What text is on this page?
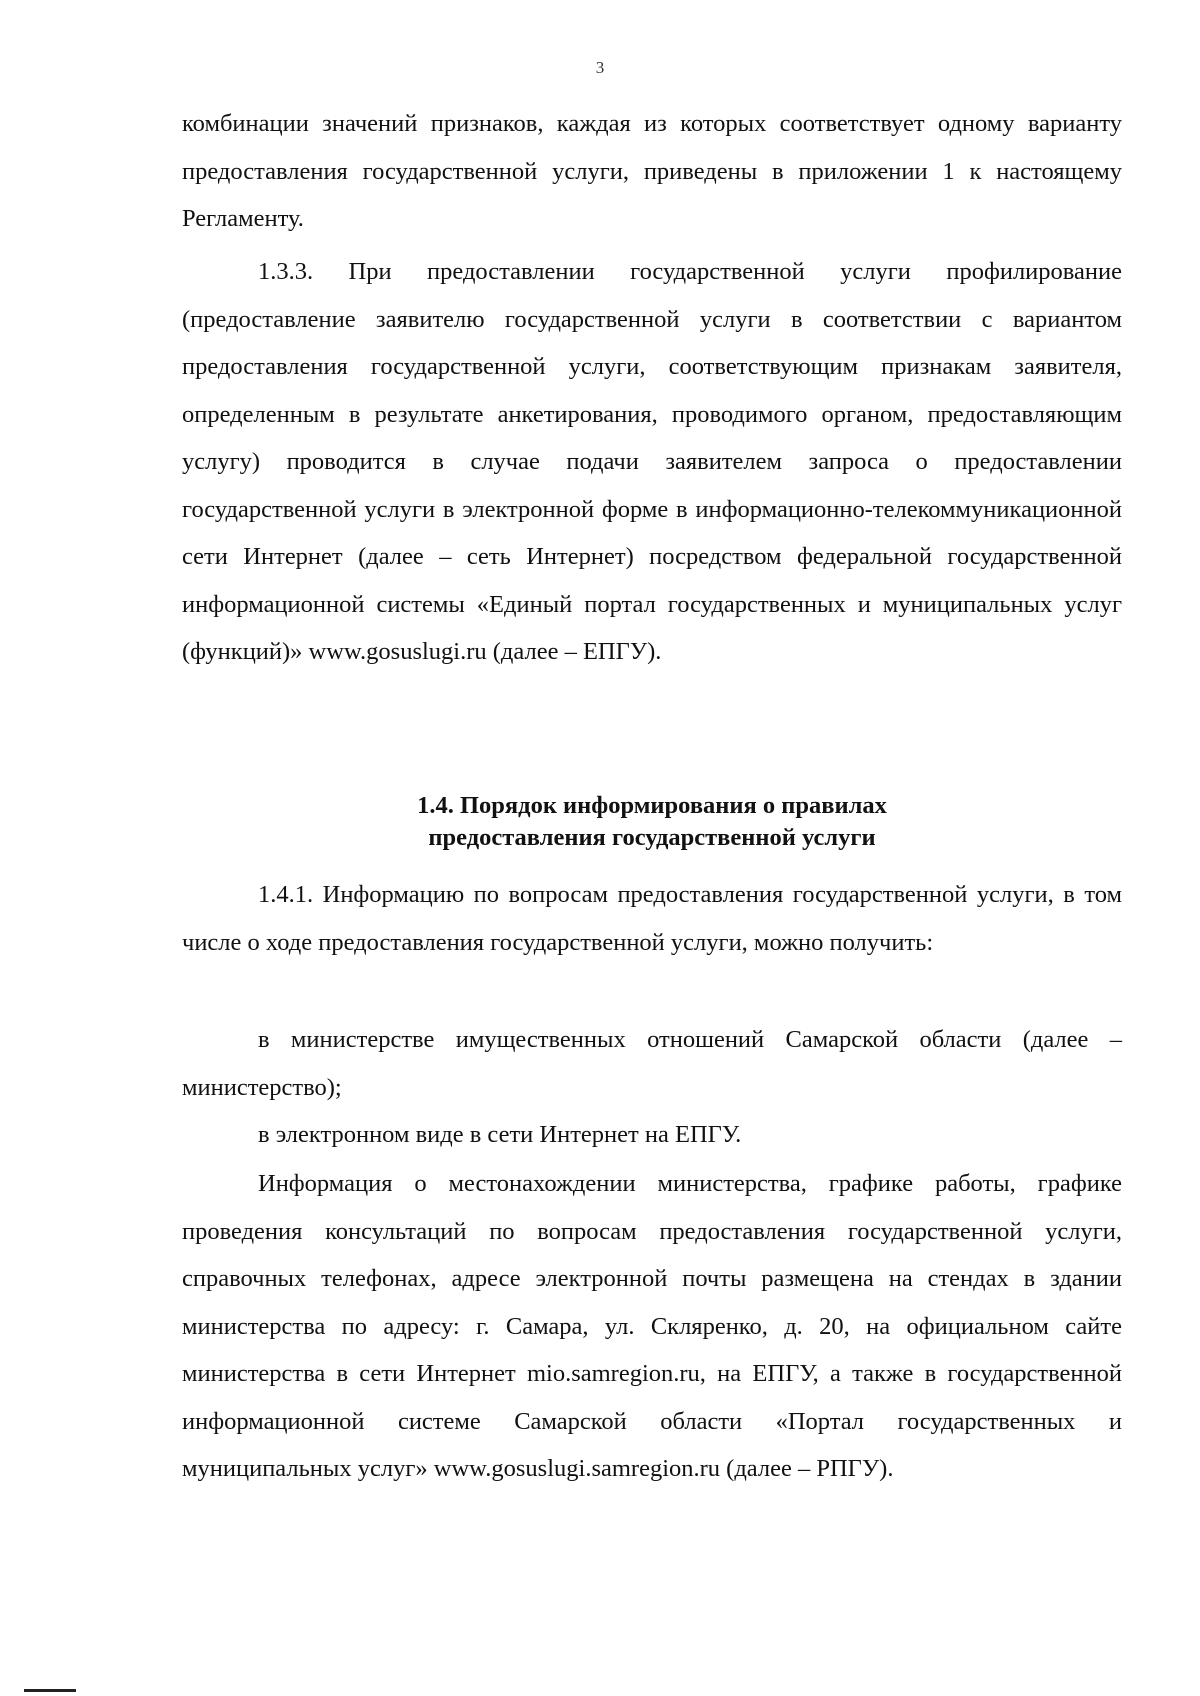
3

комбинации значений признаков, каждая из которых соответствует одному варианту предоставления государственной услуги, приведены в приложении 1 к настоящему Регламенту.

1.3.3. При предоставлении государственной услуги профилирование (предоставление заявителю государственной услуги в соответствии с вариантом предоставления государственной услуги, соответствующим признакам заявителя, определенным в результате анкетирования, проводимого органом, предоставляющим услугу) проводится в случае подачи заявителем запроса о предоставлении государственной услуги в электронной форме в информационно-телекоммуникационной сети Интернет (далее – сеть Интернет) посредством федеральной государственной информационной системы «Единый портал государственных и муниципальных услуг (функций)» www.gosuslugi.ru (далее – ЕПГУ).

1.4. Порядок информирования о правилах
предоставления государственной услуги

1.4.1. Информацию по вопросам предоставления государственной услуги, в том числе о ходе предоставления государственной услуги, можно получить:

в министерстве имущественных отношений Самарской области (далее – министерство);

в электронном виде в сети Интернет на ЕПГУ.

Информация о местонахождении министерства, графике работы, графике проведения консультаций по вопросам предоставления государственной услуги, справочных телефонах, адресе электронной почты размещена на стендах в здании министерства по адресу: г. Самара, ул. Скляренко, д. 20, на официальном сайте министерства в сети Интернет mio.samregion.ru, на ЕПГУ, а также в государственной информационной системе Самарской области «Портал государственных и муниципальных услуг» www.gosuslugi.samregion.ru (далее – РПГУ).
